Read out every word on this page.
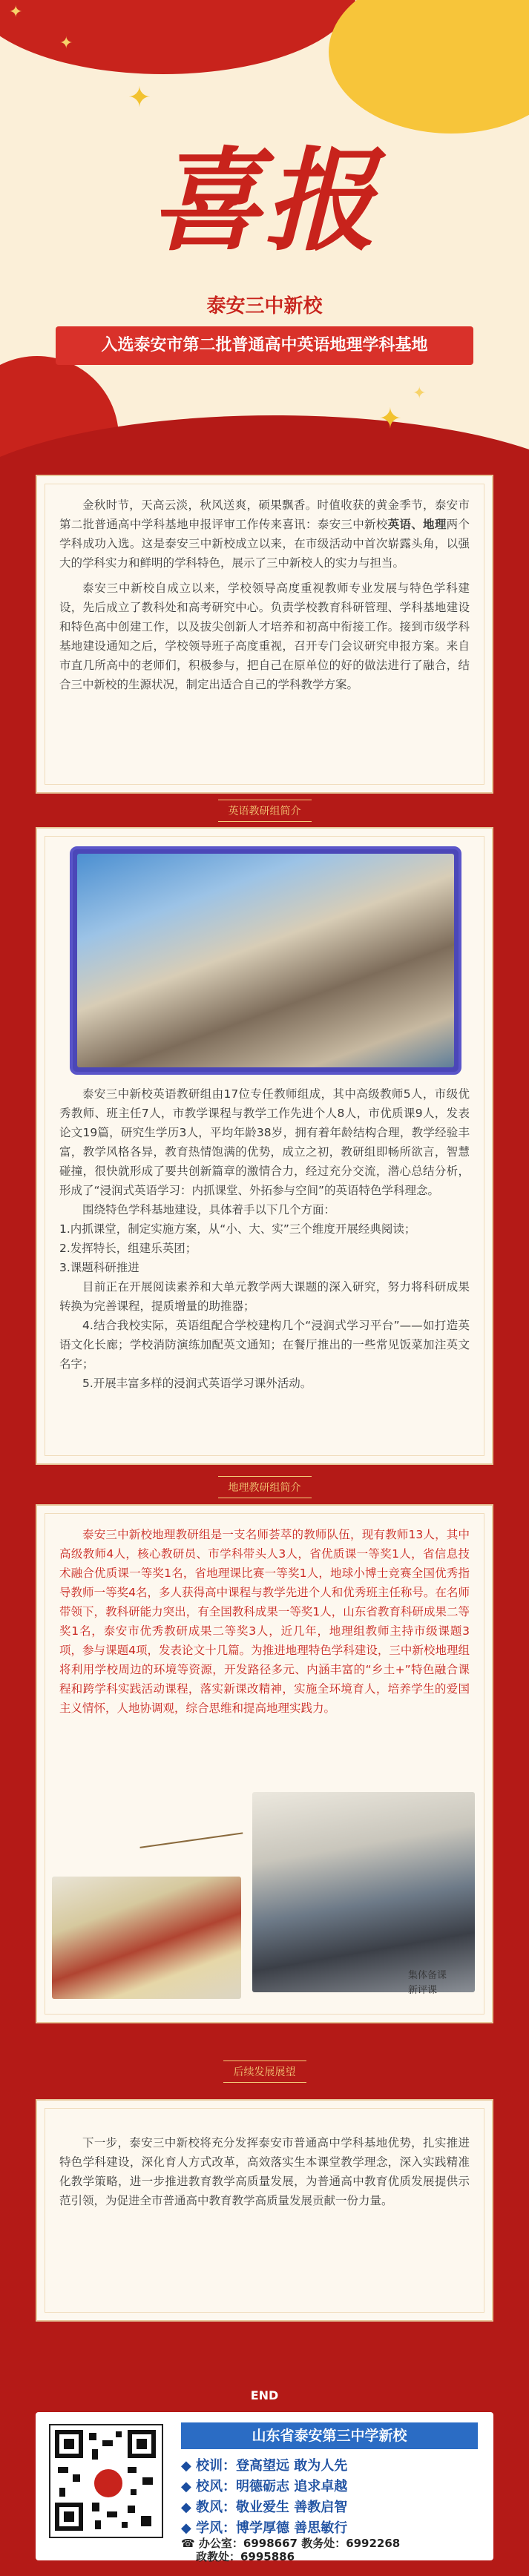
✦
✦
✦
✦
✦
喜报
泰安三中新校
入选泰安市第二批普通高中英语地理学科基地

金秋时节，天高云淡，秋风送爽，硕果飘香。时值收获的黄金季节，泰安市第二批普通高中学科基地申报评审工作传来喜讯：泰安三中新校英语、地理两个学科成功入选。这是泰安三中新校成立以来，在市级活动中首次崭露头角，以强大的学科实力和鲜明的学科特色，展示了三中新校人的实力与担当。

泰安三中新校自成立以来，学校领导高度重视教师专业发展与特色学科建设，先后成立了教科处和高考研究中心。负责学校教育科研管理、学科基地建设和特色高中创建工作，以及拔尖创新人才培养和初高中衔接工作。接到市级学科基地建设通知之后，学校领导班子高度重视，召开专门会议研究申报方案。来自市直几所高中的老师们，积极参与，把自己在原单位的好的做法进行了融合，结合三中新校的生源状况，制定出适合自己的学科教学方案。

英语教研组简介

泰安三中新校英语教研组由17位专任教师组成，其中高级教师5人，市级优秀教师、班主任7人，市教学课程与教学工作先进个人8人，市优质课9人，发表论文19篇，研究生学历3人，平均年龄38岁，拥有着年龄结构合理，教学经验丰富，教学风格各异，教育热情饱满的优势，成立之初，教研组即畅所欲言，智慧碰撞，很快就形成了要共创新篇章的激情合力，经过充分交流，潜心总结分析，形成了“浸润式英语学习：内抓课堂、外拓参与空间”的英语特色学科理念。

围绕特色学科基地建设，具体着手以下几个方面：

1.内抓课堂，制定实施方案，从“小、大、实”三个维度开展经典阅读；

2.发挥特长，组建乐英团；

3.课题科研推进

目前正在开展阅读素养和大单元教学两大课题的深入研究，努力将科研成果转换为完善课程，提质增量的助推器；

4.结合我校实际，英语组配合学校建构几个“浸润式学习平台”——如打造英语文化长廊；学校消防演练加配英文通知；在餐厅推出的一些常见饭菜加注英文名字；

5.开展丰富多样的浸润式英语学习课外活动。

地理教研组简介

泰安三中新校地理教研组是一支名师荟萃的教师队伍，现有教师13人，其中高级教师4人，核心教研员、市学科带头人3人，省优质课一等奖1人，省信息技术融合优质课一等奖1名，省地理课比赛一等奖1人，地球小博士竞赛全国优秀指导教师一等奖4名，多人获得高中课程与教学先进个人和优秀班主任称号。在名师带领下，教科研能力突出，有全国教科成果一等奖1人，山东省教育科研成果二等奖1名，泰安市优秀教研成果二等奖3人，近几年，地理组教师主持市级课题3项，参与课题4项，发表论文十几篇。为推进地理特色学科建设，三中新校地理组将利用学校周边的环境等资源，开发路径多元、内涵丰富的“乡土+”特色融合课程和跨学科实践活动课程，落实新课改精神，实施全环境育人，培养学生的爱国主义情怀，人地协调观，综合思维和提高地理实践力。

集体备课
新评课
后续发展展望

下一步，泰安三中新校将充分发挥泰安市普通高中学科基地优势，扎实推进特色学科建设，深化育人方式改革，高效落实生本课堂教学理念，深入实践精准化教学策略，进一步推进教育教学高质量发展，为普通高中教育优质发展提供示范引领，为促进全市普通高中教育教学高质量发展贡献一份力量。

END
山东省泰安第三中学新校
◆ 校训：登高望远 敢为人先
◆ 校风：明德砺志 追求卓越
◆ 教风：敬业爱生 善教启智
◆ 学风：博学厚德 善思敏行
☎ 办公室：6998667 教务处：6992268
政教处：6995886
